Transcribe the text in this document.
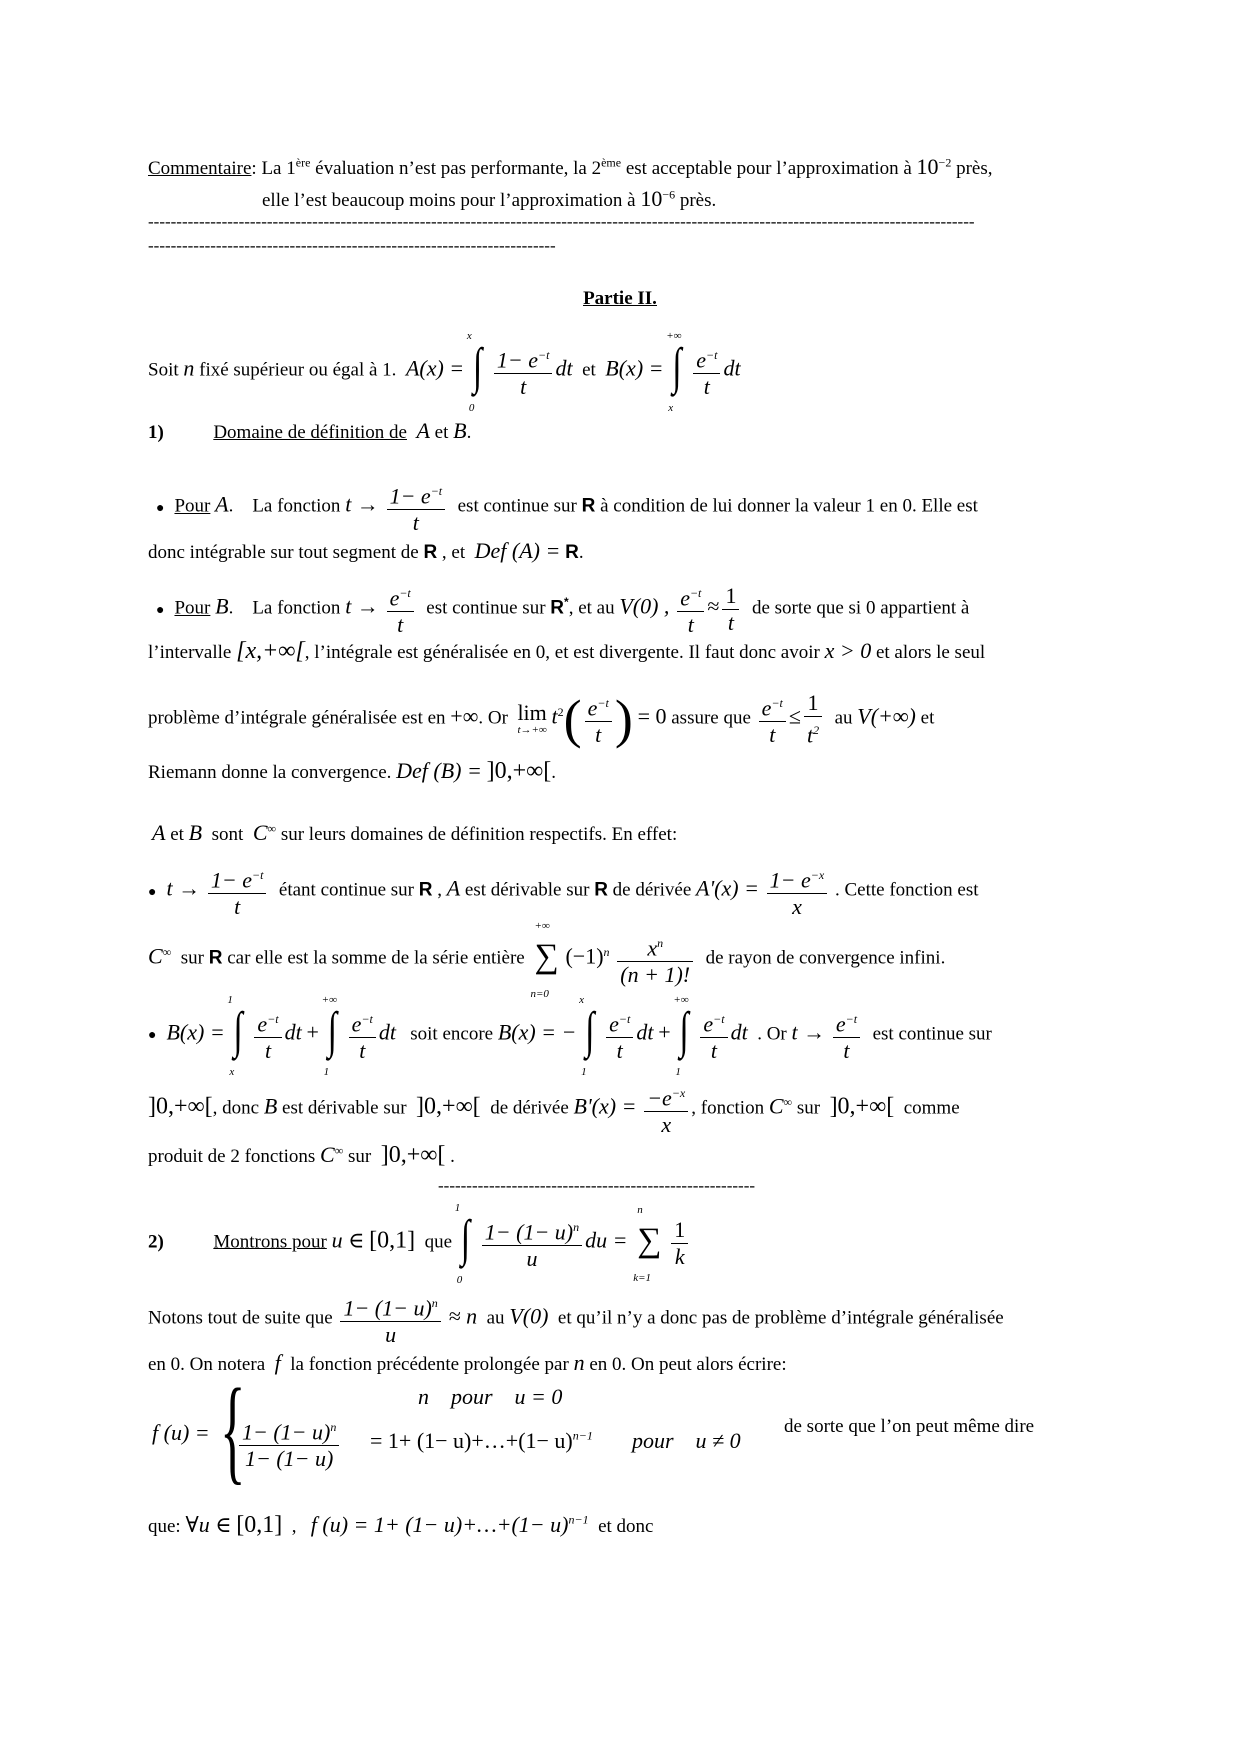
Commentaire: La 1ère évaluation n’est pas performante, la 2ème est acceptable pour l’approximation à $10^{-2}$ près,
elle l’est beaucoup moins pour l’approximation à $10^{-6}$ près.
--------------------------------------------------------------------------------------------------------------------------------------------------
------------------------------------------------------------------------
Partie II.
Soit n fixé supérieur ou égal à 1. A(x) =
x
∫
0
$\frac{1- e^{-t}}{t}$ dt et B(x) =
+∞
∫
x
$\frac{e^{-t}}{t}$ dt
1)	Domaine de définition de A et B.
● Pour A. La fonction $t \to \frac{1- e^{-t}}{t}$ est continue sur R à condition de lui donner la valeur 1 en 0. Elle est
donc intégrable sur tout segment de R , et Def (A) = R.
● Pour B. La fonction $t \to \frac{e^{-t}}{t}$ est continue sur R*, et au V(0) , $\frac{e^{-t}}{t} \approx \frac{1}{t}$ de sorte que si 0 appartient à
l’intervalle [x,+∞[, l’intégrale est généralisée en 0, et est divergente. Il faut donc avoir x > 0 et alors le seul
problème d’intégrale généralisée est en +∞. Or lim
t→+∞
$t^2( \frac{e^{-t}}{t}$ ) = 0 assure que $\frac{e^{-t}}{t} \le \frac{1}{t^2}$ au V(+∞) et
Riemann donne la convergence. Def (B) = ]0,+∞[.
A et B sont C∞ sur leurs domaines de définition respectifs. En effet:
● $t \to \frac{1- e^{-t}}{t}$ étant continue sur R , A est dérivable sur R de dérivée $A'(x) = \frac{1- e^{-x}}{x}$ . Cette fonction est
C∞ sur R car elle est la somme de la série entière
+∞
∑
n=0
$(-1)^n \frac{x^n}{(n + 1)!}$ de rayon de convergence infini.
● B(x) =
1
∫
x
$\frac{e^{-t}}{t}$ dt +
+∞
∫
1
$\frac{e^{-t}}{t}$ dt soit encore B(x) = −
x
∫
1
$\frac{e^{-t}}{t}$ dt +
+∞
∫
1
$\frac{e^{-t}}{t}$ dt . Or $t \to \frac{e^{-t}}{t}$ est continue sur
]0,+∞[, donc B est dérivable sur ]0,+∞[ de dérivée $B'(x) = \frac{-e^{-x}}{x}$ , fonction C∞ sur ]0,+∞[ comme
produit de 2 fonctions C∞ sur ]0,+∞[ .
--------------------------------------------------------
2)	Montrons pour u ∈ [0,1] que
1
∫
0
$\frac{1- (1- u)^n}{u}$ du =
n
∑
k=1
$\frac{1}{k}$
Notons tout de suite que $\frac{1- (1- u)^n}{u} \approx n$ au V(0) et qu’il n’y a donc pas de problème d’intégrale généralisée
en 0. On notera f la fonction précédente prolongée par n en 0. On peut alors écrire:
f (u) = {	n    pour    u = 0
$\frac{1- (1- u)^n}{1- (1- u)} = 1+ (1-$ u)+…+(1− u)$^{n-1}$ pour    u ≠ 0
de sorte que l’on peut même dire
que: ∀u ∈ [0,1] , f (u) = 1+ (1− u)+…+(1− u)$^{n-1}$ et donc
